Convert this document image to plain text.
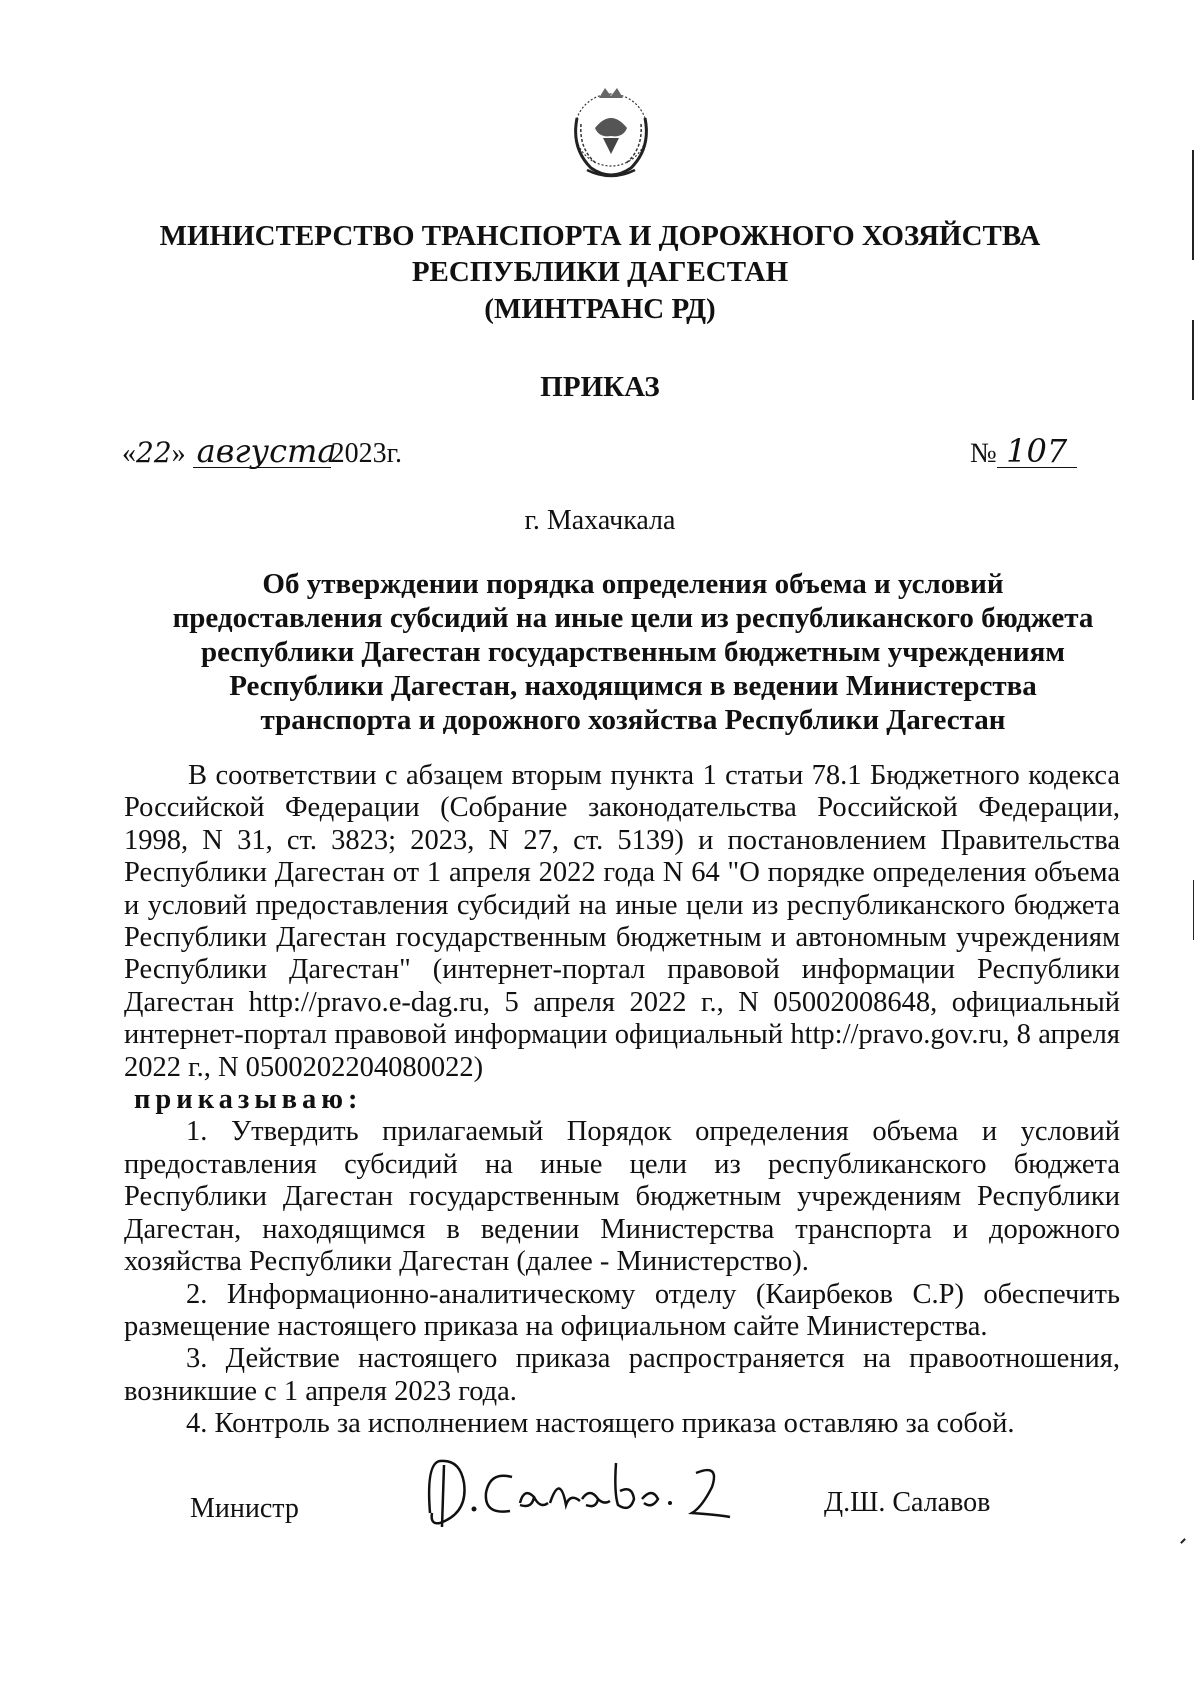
МИНИСТЕРСТВО ТРАНСПОРТА И ДОРОЖНОГО ХОЗЯЙСТВА
РЕСПУБЛИКИ ДАГЕСТАН
(МИНТРАНС РД)
ПРИКАЗ
«22» августа2023г.	№ 107
г. Махачкала
Об утверждении порядка определения объема и условий предоставления субсидий на иные цели из республиканского бюджета республики Дагестан государственным бюджетным учреждениям Республики Дагестан, находящимся в ведении Министерства транспорта и дорожного хозяйства Республики Дагестан

В соответствии с абзацем вторым пункта 1 статьи 78.1 Бюджетного кодекса Российской Федерации (Собрание законодательства Российской Федерации, 1998, N 31, ст. 3823; 2023, N 27, ст. 5139) и постановлением Правительства Республики Дагестан от 1 апреля 2022 года N 64 "О порядке определения объема и условий предоставления субсидий на иные цели из республиканского бюджета Республики Дагестан государственным бюджетным и автономным учреждениям Республики Дагестан" (интернет-портал правовой информации Республики Дагестан http://pravo.e-dag.ru, 5 апреля 2022 г., N 05002008648, официальный интернет-портал правовой информации официальный http://pravo.gov.ru, 8 апреля 2022 г., N 0500202204080022)

приказываю:

1. Утвердить прилагаемый Порядок определения объема и условий предоставления субсидий на иные цели из республиканского бюджета Республики Дагестан государственным бюджетным учреждениям Республики Дагестан, находящимся в ведении Министерства транспорта и дорожного хозяйства Республики Дагестан (далее - Министерство).

2. Информационно-аналитическому отделу (Каирбеков С.Р) обеспечить размещение настоящего приказа на официальном сайте Министерства.

3. Действие настоящего приказа распространяется на правоотношения, возникшие с 1 апреля 2023 года.

4. Контроль за исполнением настоящего приказа оставляю за собой.

Министр	Д.Ш. Салавов
